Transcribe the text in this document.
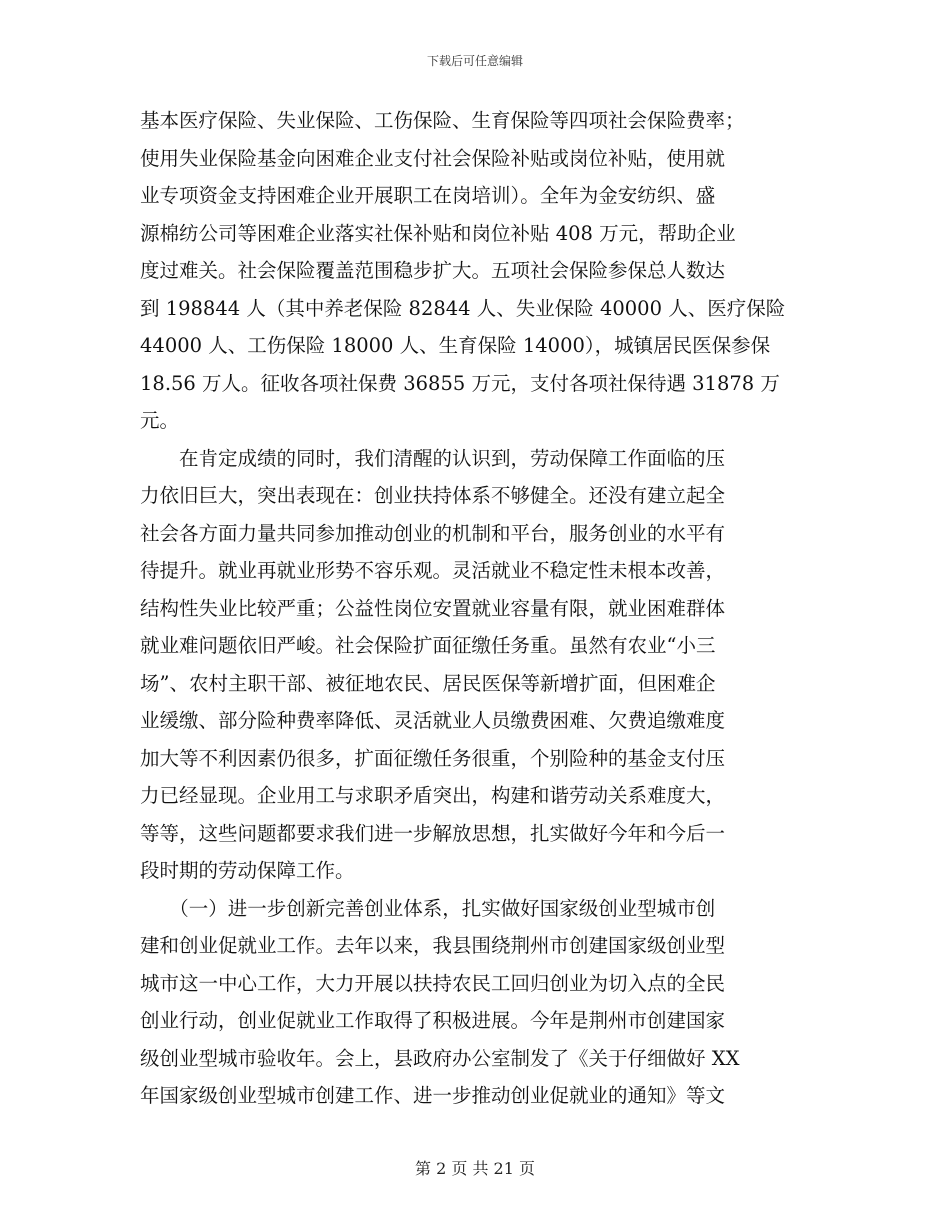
下载后可任意编辑

基本医疗保险、失业保险、工伤保险、生育保险等四项社会保险费率；

使用失业保险基金向困难企业支付社会保险补贴或岗位补贴，使用就

业专项资金支持困难企业开展职工在岗培训）。全年为金安纺织、盛

源棉纺公司等困难企业落实社保补贴和岗位补贴 408 万元，帮助企业

度过难关。社会保险覆盖范围稳步扩大。五项社会保险参保总人数达

到 198844 人（其中养老保险 82844 人、失业保险 40000 人、医疗保险

44000 人、工伤保险 18000 人、生育保险 14000），城镇居民医保参保

18.56 万人。征收各项社保费 36855 万元，支付各项社保待遇 31878 万

元。

　　在肯定成绩的同时，我们清醒的认识到，劳动保障工作面临的压

力依旧巨大，突出表现在：创业扶持体系不够健全。还没有建立起全

社会各方面力量共同参加推动创业的机制和平台，服务创业的水平有

待提升。就业再就业形势不容乐观。灵活就业不稳定性未根本改善，

结构性失业比较严重；公益性岗位安置就业容量有限，就业困难群体

就业难问题依旧严峻。社会保险扩面征缴任务重。虽然有农业“小三

场”、农村主职干部、被征地农民、居民医保等新增扩面，但困难企

业缓缴、部分险种费率降低、灵活就业人员缴费困难、欠费追缴难度

加大等不利因素仍很多，扩面征缴任务很重，个别险种的基金支付压

力已经显现。企业用工与求职矛盾突出，构建和谐劳动关系难度大，

等等，这些问题都要求我们进一步解放思想，扎实做好今年和今后一

段时期的劳动保障工作。

　　（一）进一步创新完善创业体系，扎实做好国家级创业型城市创

建和创业促就业工作。去年以来，我县围绕荆州市创建国家级创业型

城市这一中心工作，大力开展以扶持农民工回归创业为切入点的全民

创业行动，创业促就业工作取得了积极进展。今年是荆州市创建国家

级创业型城市验收年。会上，县政府办公室制发了《关于仔细做好 XX

年国家级创业型城市创建工作、进一步推动创业促就业的通知》等文

第 2 页 共 21 页
